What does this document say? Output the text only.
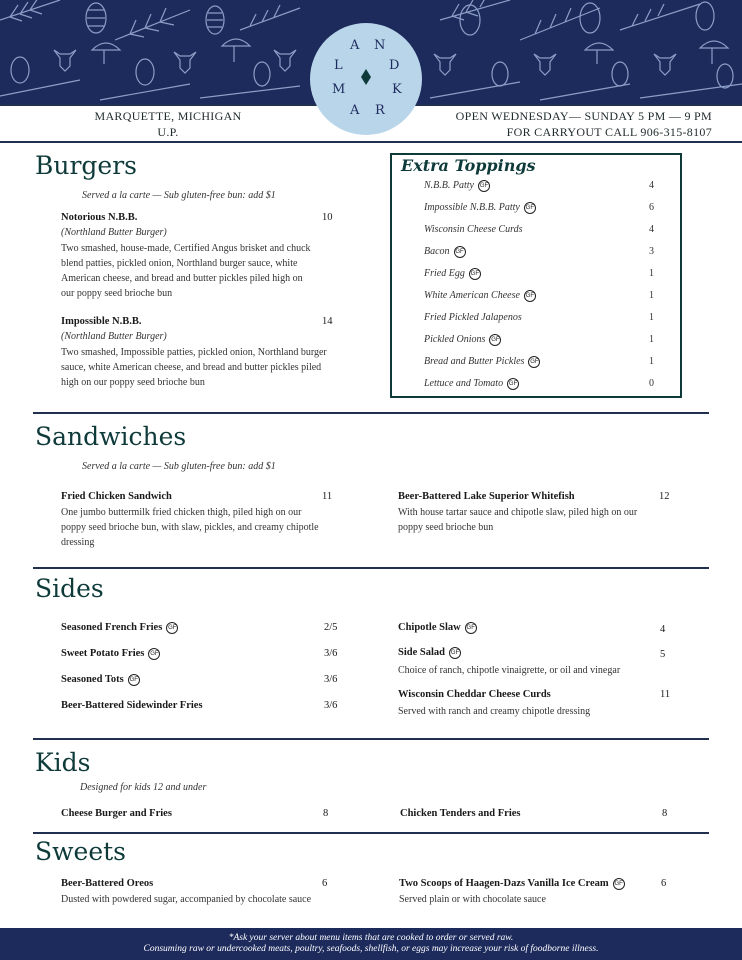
A N
L	D
M	K
A R
MARQUETTE, MICHIGAN
U.P.
OPEN WEDNESDAY— SUNDAY 5 PM — 9 PM
FOR CARRYOUT CALL 906-315-8107
Burgers
Served a la carte — Sub gluten-free bun: add $1
Notorious N.B.B.	10
(Northland Butter Burger)
Two smashed, house-made, Certified Angus brisket and chuck
blend patties, pickled onion, Northland burger sauce, white
American cheese, and bread and butter pickles piled high on
our poppy seed brioche bun
Impossible N.B.B.	14
(Northland Butter Burger)
Two smashed, Impossible patties, pickled onion, Northland burger
sauce, white American cheese, and bread and butter pickles piled
high on our poppy seed brioche bun
Extra Toppings
N.B.B. Patty GF	4
Impossible N.B.B. Patty GF	6
Wisconsin Cheese Curds	4
Bacon GF	3
Fried Egg GF	1
White American Cheese GF	1
Fried Pickled Jalapenos	1
Pickled Onions GF	1
Bread and Butter Pickles GF	1
Lettuce and Tomato GF	0
Sandwiches
Served a la carte — Sub gluten-free bun: add $1
Fried Chicken Sandwich	11
One jumbo buttermilk fried chicken thigh, piled high on our
poppy seed brioche bun, with slaw, pickles, and creamy chipotle
dressing
Beer-Battered Lake Superior Whitefish	12
With house tartar sauce and chipotle slaw, piled high on our
poppy seed brioche bun
Sides
Seasoned French Fries GF	2/5
Sweet Potato Fries GF	3/6
Seasoned Tots GF	3/6
Beer-Battered Sidewinder Fries	3/6
Chipotle Slaw GF	4
Side Salad GF	5
Choice of ranch, chipotle vinaigrette, or oil and vinegar
Wisconsin Cheddar Cheese Curds	11
Served with ranch and creamy chipotle dressing
Kids
Designed for kids 12 and under
Cheese Burger and Fries	8	Chicken Tenders and Fries	8
Sweets
Beer-Battered Oreos	6
Dusted with powdered sugar, accompanied by chocolate sauce
Two Scoops of Haagen-Dazs Vanilla Ice Cream GF	6
Served plain or with chocolate sauce
*Ask your server about menu items that are cooked to order or served raw.
Consuming raw or undercooked meats, poultry, seafoods, shellfish, or eggs may increase your risk of foodborne illness.
